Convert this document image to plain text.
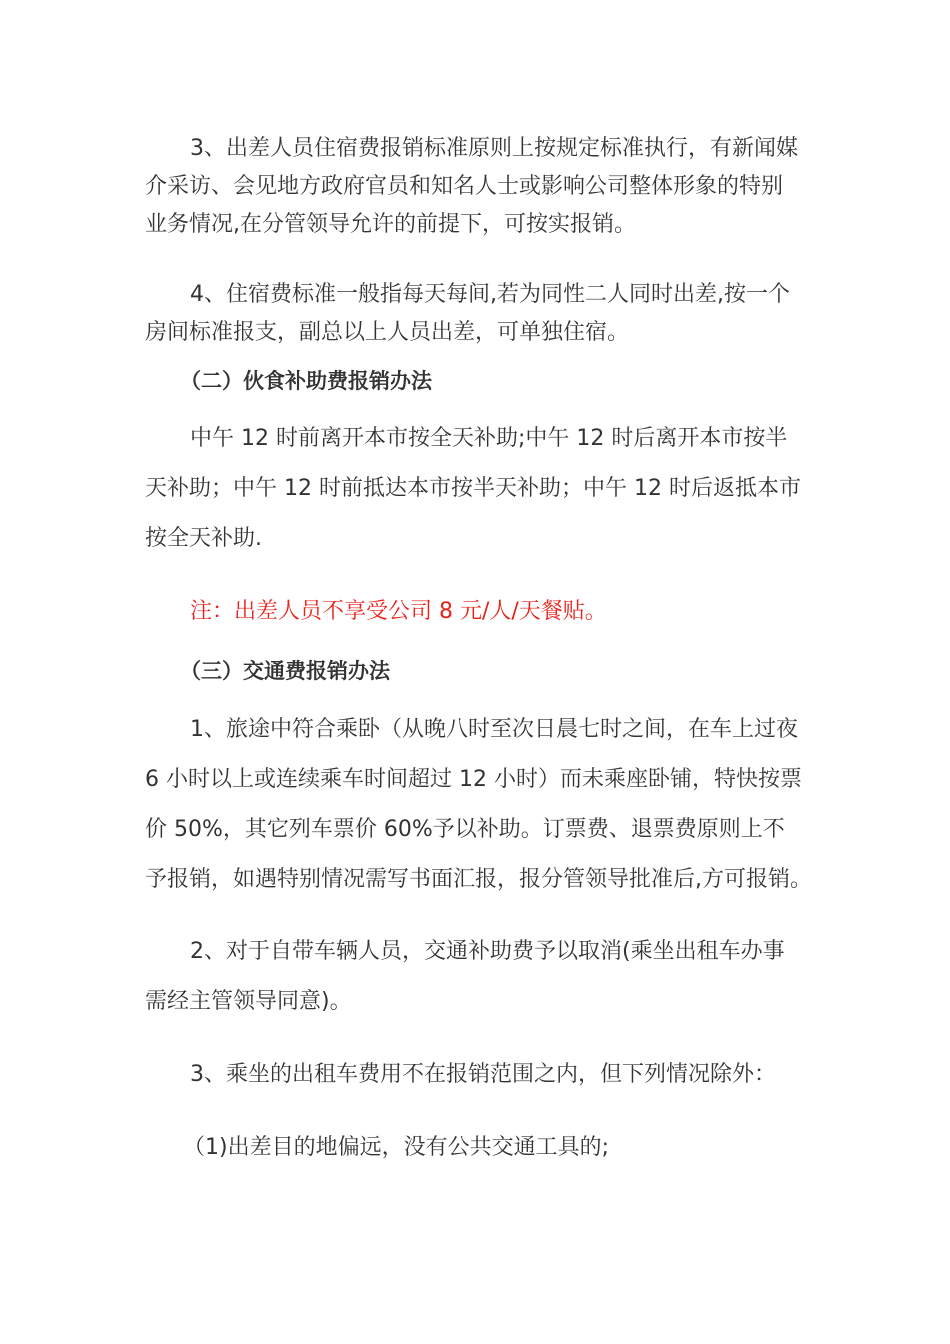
3、出差人员住宿费报销标准原则上按规定标准执行，有新闻媒
介采访、会见地方政府官员和知名人士或影响公司整体形象的特别
业务情况,在分管领导允许的前提下，可按实报销。
4、住宿费标准一般指每天每间,若为同性二人同时出差,按一个
房间标准报支，副总以上人员出差，可单独住宿。
（二）伙食补助费报销办法
中午 12 时前离开本市按全天补助;中午 12 时后离开本市按半
天补助；中午 12 时前抵达本市按半天补助；中午 12 时后返抵本市
按全天补助.
注：出差人员不享受公司 8 元/人/天餐贴。
（三）交通费报销办法
1、旅途中符合乘卧（从晚八时至次日晨七时之间，在车上过夜
6 小时以上或连续乘车时间超过 12 小时）而未乘座卧铺，特快按票
价 50%，其它列车票价 60%予以补助。订票费、退票费原则上不
予报销，如遇特别情况需写书面汇报，报分管领导批准后,方可报销。
2、对于自带车辆人员，交通补助费予以取消(乘坐出租车办事
需经主管领导同意)。
3、乘坐的出租车费用不在报销范围之内，但下列情况除外：
（1)出差目的地偏远，没有公共交通工具的;
